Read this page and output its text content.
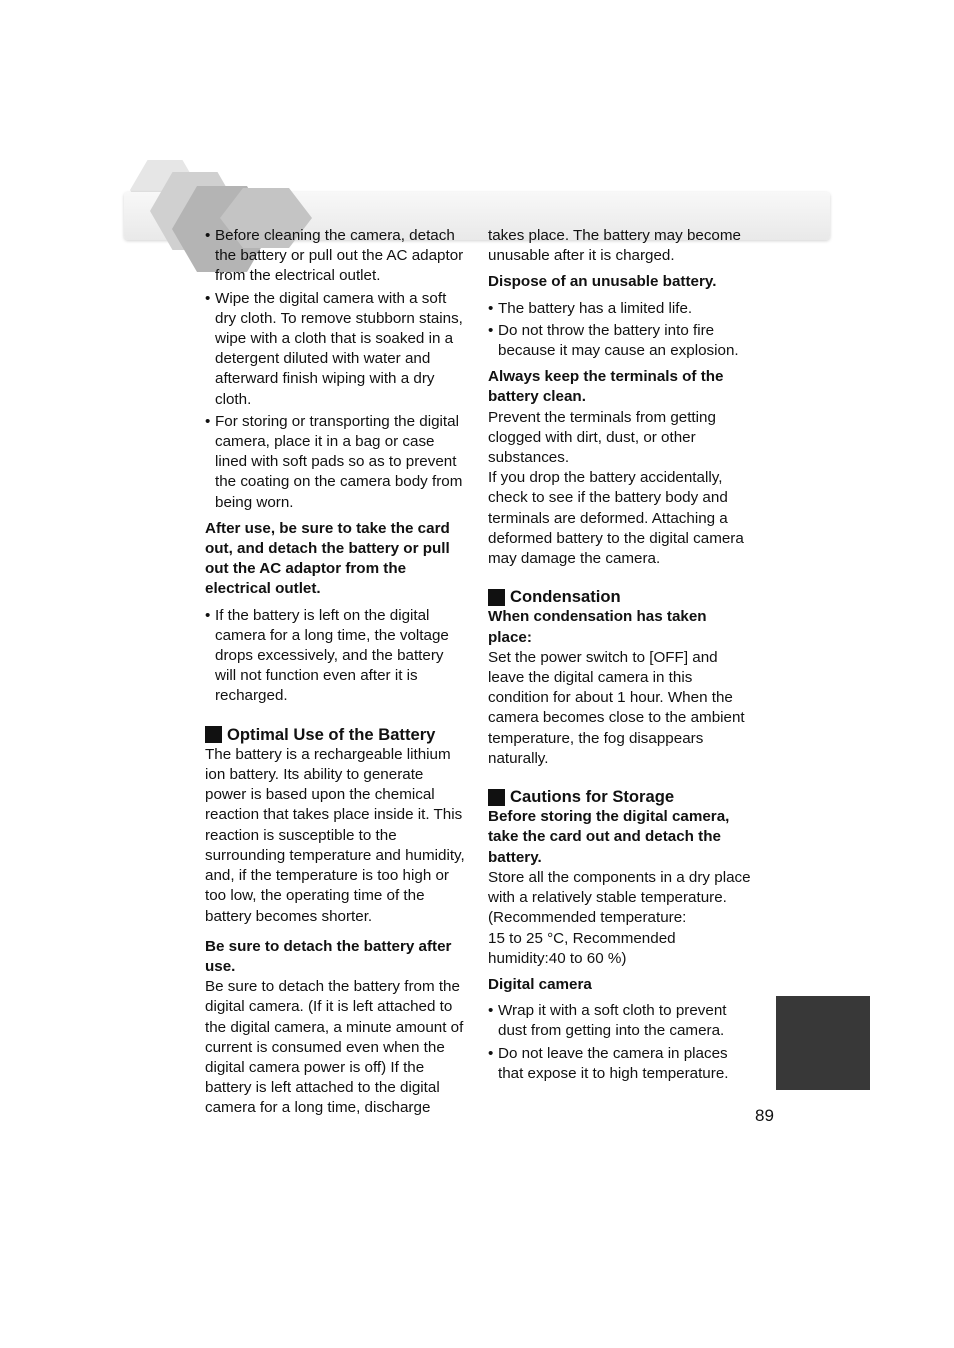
• Before cleaning the camera, detach the battery or pull out the AC adaptor from the electrical outlet.
• Wipe the digital camera with a soft dry cloth. To remove stubborn stains, wipe with a cloth that is soaked in a detergent diluted with water and afterward finish wiping with a dry cloth.
• For storing or transporting the digital camera, place it in a bag or case lined with soft pads so as to prevent the coating on the camera body from being worn.

After use, be sure to take the card out, and detach the battery or pull out the AC adaptor from the electrical outlet.

• If the battery is left on the digital camera for a long time, the voltage drops excessively, and the battery will not function even after it is recharged.
Optimal Use of the Battery

The battery is a rechargeable lithium ion battery. Its ability to generate power is based upon the chemical reaction that takes place inside it. This reaction is susceptible to the surrounding temperature and humidity, and, if the temperature is too high or too low, the operating time of the battery becomes shorter.

Be sure to detach the battery after use.

Be sure to detach the battery from the digital camera. (If it is left attached to the digital camera, a minute amount of current is consumed even when the digital camera power is off) If the battery is left attached to the digital camera for a long time, discharge

takes place. The battery may become unusable after it is charged.

Dispose of an unusable battery.

• The battery has a limited life.
• Do not throw the battery into fire because it may cause an explosion.

Always keep the terminals of the battery clean.

Prevent the terminals from getting clogged with dirt, dust, or other substances.

If you drop the battery accidentally, check to see if the battery body and terminals are deformed. Attaching a deformed battery to the digital camera may damage the camera.

Condensation

When condensation has taken place:

Set the power switch to [OFF] and leave the digital camera in this condition for about 1 hour. When the camera becomes close to the ambient temperature, the fog disappears naturally.

Cautions for Storage

Before storing the digital camera, take the card out and detach the battery.

Store all the components in a dry place with a relatively stable temperature.

(Recommended temperature:

15 to 25 °C, Recommended humidity:40 to 60 %)

Digital camera

• Wrap it with a soft cloth to prevent dust from getting into the camera.
• Do not leave the camera in places that expose it to high temperature.
89
